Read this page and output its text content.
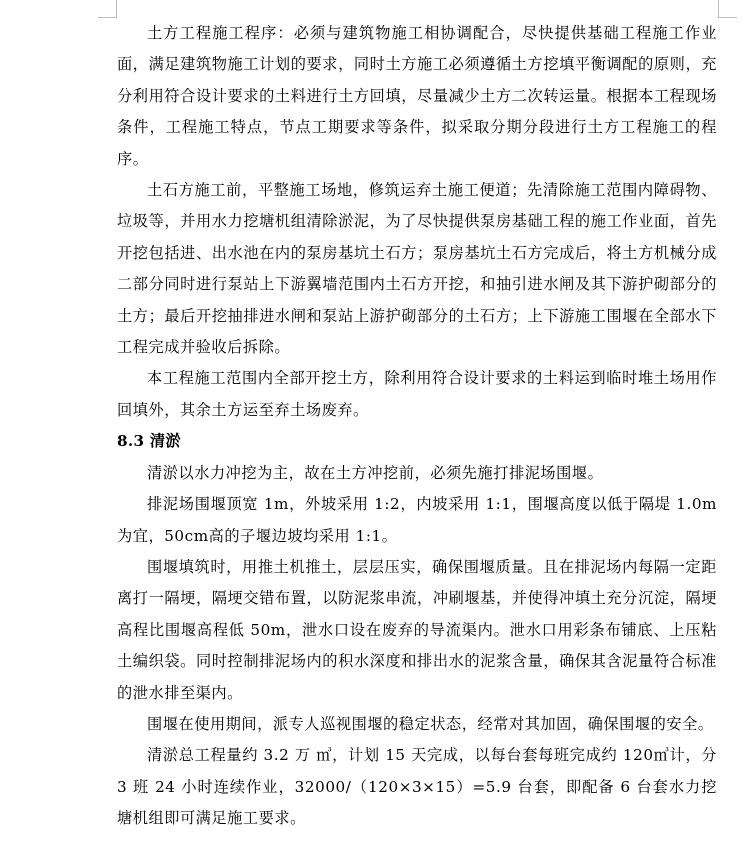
土方工程施工程序：必须与建筑物施工相协调配合，尽快提供基础工程施工作业面，满足建筑物施工计划的要求，同时土方施工必须遵循土方挖填平衡调配的原则，充分利用符合设计要求的土料进行土方回填，尽量减少土方二次转运量。根据本工程现场条件，工程施工特点，节点工期要求等条件，拟采取分期分段进行土方工程施工的程序。

土石方施工前，平整施工场地，修筑运弃土施工便道；先清除施工范围内障碍物、垃圾等，并用水力挖塘机组清除淤泥，为了尽快提供泵房基础工程的施工作业面，首先开挖包括进、出水池在内的泵房基坑土石方；泵房基坑土石方完成后，将土方机械分成二部分同时进行泵站上下游翼墙范围内土石方开挖，和抽引进水闸及其下游护砌部分的土方；最后开挖抽排进水闸和泵站上游护砌部分的土石方；上下游施工围堰在全部水下工程完成并验收后拆除。

本工程施工范围内全部开挖土方，除利用符合设计要求的土料运到临时堆土场用作回填外，其余土方运至弃土场废弃。

8.3 清淤

清淤以水力冲挖为主，故在土方冲挖前，必须先施打排泥场围堰。

排泥场围堰顶宽 1m，外坡采用 1:2，内坡采用 1:1，围堰高度以低于隔堤 1.0m 为宜，50cm高的子堰边坡均采用 1:1。

围堰填筑时，用推土机推土，层层压实，确保围堰质量。且在排泥场内每隔一定距离打一隔埂，隔埂交错布置，以防泥浆串流，冲刷堰基，并使得冲填土充分沉淀，隔埂高程比围堰高程低 50m，泄水口设在废弃的导流渠内。泄水口用彩条布铺底、上压粘土编织袋。同时控制排泥场内的积水深度和排出水的泥浆含量，确保其含泥量符合标准的泄水排至渠内。

围堰在使用期间，派专人巡视围堰的稳定状态，经常对其加固，确保围堰的安全。

清淤总工程量约 3.2 万 ㎥，计划 15 天完成，以每台套每班完成约 120㎥计，分 3 班 24 小时连续作业，32000/（120×3×15）=5.9 台套，即配备 6 台套水力挖塘机组即可满足施工要求。
